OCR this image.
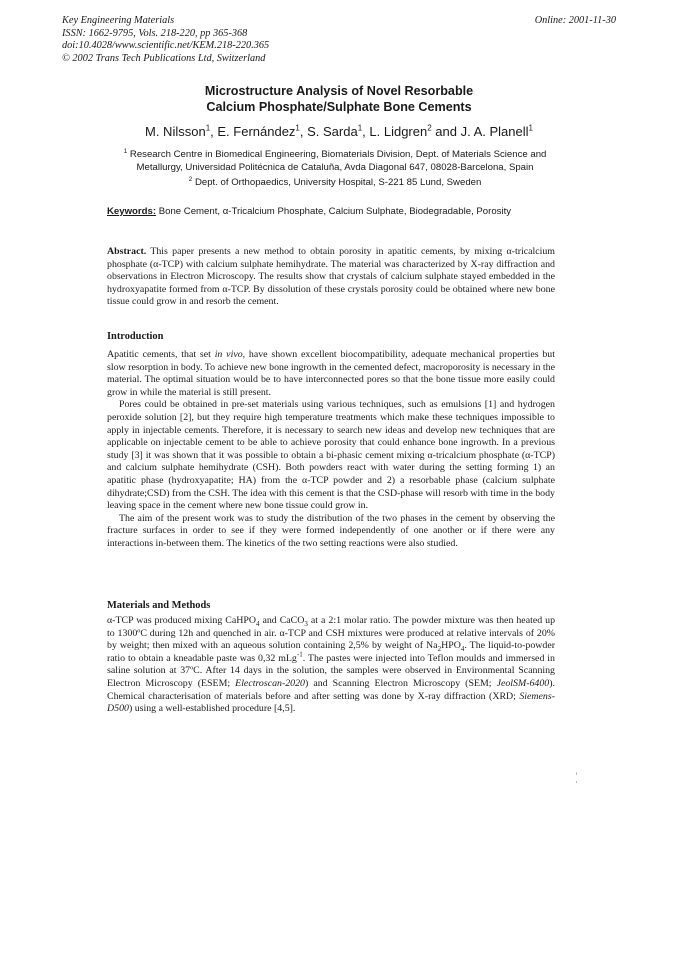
Key Engineering Materials
ISSN: 1662-9795, Vols. 218-220, pp 365-368
doi:10.4028/www.scientific.net/KEM.218-220.365
© 2002 Trans Tech Publications Ltd, Switzerland
Online: 2001-11-30
Microstructure Analysis of Novel Resorbable
Calcium Phosphate/Sulphate Bone Cements
M. Nilsson$^1$, E. Fernández$^1$, S. Sarda$^1$, L. Lidgren$^2$ and J. A. Planell$^1$
$^1$ Research Centre in Biomedical Engineering, Biomaterials Division, Dept. of Materials Science and Metallurgy, Universidad Politécnica de Cataluña, Avda Diagonal 647, 08028-Barcelona, Spain
$^2$ Dept. of Orthopaedics, University Hospital, S-221 85 Lund, Sweden
Keywords: Bone Cement, α-Tricalcium Phosphate, Calcium Sulphate, Biodegradable, Porosity
Abstract. This paper presents a new method to obtain porosity in apatitic cements, by mixing α-tricalcium phosphate (α-TCP) with calcium sulphate hemihydrate. The material was characterized by X-ray diffraction and observations in Electron Microscopy. The results show that crystals of calcium sulphate stayed embedded in the hydroxyapatite formed from α-TCP. By dissolution of these crystals porosity could be obtained where new bone tissue could grow in and resorb the cement.
Introduction

Apatitic cements, that set in vivo, have shown excellent biocompatibility, adequate mechanical properties but slow resorption in body. To achieve new bone ingrowth in the cemented defect, macroporosity is necessary in the material. The optimal situation would be to have interconnected pores so that the bone tissue more easily could grow in while the material is still present.

Pores could be obtained in pre-set materials using various techniques, such as emulsions [1] and hydrogen peroxide solution [2], but they require high temperature treatments which make these techniques impossible to apply in injectable cements. Therefore, it is necessary to search new ideas and develop new techniques that are applicable on injectable cement to be able to achieve porosity that could enhance bone ingrowth. In a previous study [3] it was shown that it was possible to obtain a bi-phasic cement mixing α-tricalcium phosphate (α-TCP) and calcium sulphate hemihydrate (CSH). Both powders react with water during the setting forming 1) an apatitic phase (hydroxyapatite; HA) from the α-TCP powder and 2) a resorbable phase (calcium sulphate dihydrate;CSD) from the CSH. The idea with this cement is that the CSD-phase will resorb with time in the body leaving space in the cement where new bone tissue could grow in.

The aim of the present work was to study the distribution of the two phases in the cement by observing the fracture surfaces in order to see if they were formed independently of one another or if there were any interactions in-between them. The kinetics of the two setting reactions were also studied.

Materials and Methods

α-TCP was produced mixing CaHPO$_4$ and CaCO$_3$ at a 2:1 molar ratio. The powder mixture was then heated up to 1300ºC during 12h and quenched in air. α-TCP and CSH mixtures were produced at relative intervals of 20% by weight; then mixed with an aqueous solution containing 2,5% by weight of $Na_2HPO_4$. The liquid-to-powder ratio to obtain a kneadable paste was 0,32 mLg$^{-1}$. The pastes were injected into Teflon moulds and immersed in saline solution at 37ºC. After 14 days in the solution, the samples were observed in Environmental Scanning Electron Microscopy (ESEM; Electroscan-2020) and Scanning Electron Microscopy (SEM; JeolSM-6400). Chemical characterisation of materials before and after setting was done by X-ray diffraction (XRD; Siemens-D500) using a well-established procedure [4,5].
